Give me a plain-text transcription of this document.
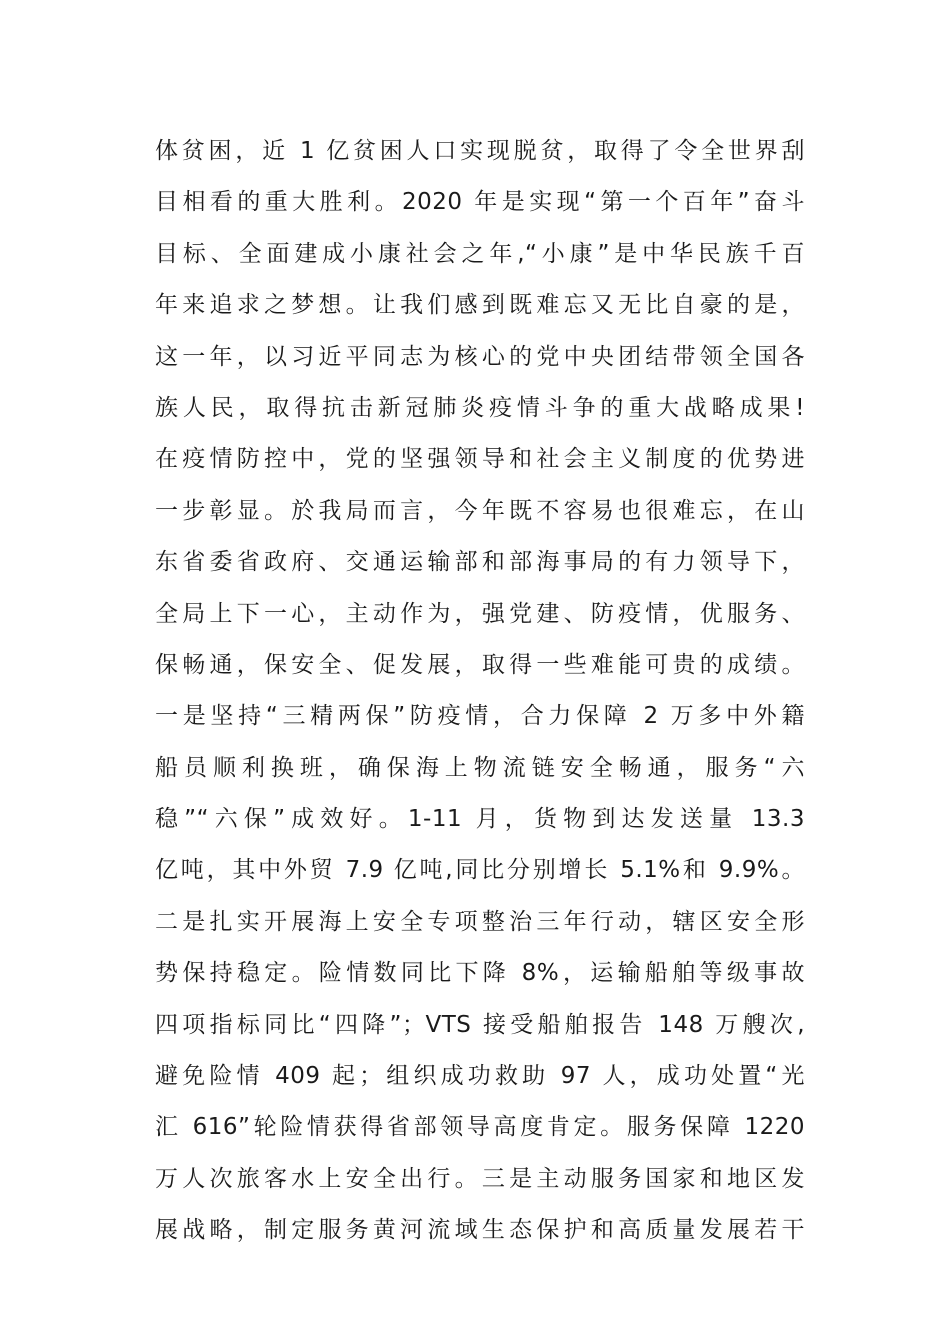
体贫困，近 1 亿贫困人口实现脱贫，取得了令全世界刮
目相看的重大胜利。2020 年是实现“第一个百年”奋斗
目标、全面建成小康社会之年,“小康”是中华民族千百
年来追求之梦想。让我们感到既难忘又无比自豪的是，
这一年，以习近平同志为核心的党中央团结带领全国各
族人民，取得抗击新冠肺炎疫情斗争的重大战略成果!
在疫情防控中，党的坚强领导和社会主义制度的优势进
一步彰显。於我局而言，今年既不容易也很难忘，在山
东省委省政府、交通运输部和部海事局的有力领导下，
全局上下一心，主动作为，强党建、防疫情，优服务、
保畅通，保安全、促发展，取得一些难能可贵的成绩。
一是坚持“三精两保”防疫情，合力保障 2 万多中外籍
船员顺利换班，确保海上物流链安全畅通，服务“六
稳”“六保”成效好。1-11 月，货物到达发送量 13.3
亿吨，其中外贸 7.9 亿吨,同比分别增长 5.1%和 9.9%。
二是扎实开展海上安全专项整治三年行动，辖区安全形
势保持稳定。险情数同比下降 8%，运输船舶等级事故
四项指标同比“四降”；VTS 接受船舶报告 148 万艘次,
避免险情 409 起；组织成功救助 97 人，成功处置“光
汇 616”轮险情获得省部领导高度肯定。服务保障 1220
万人次旅客水上安全出行。三是主动服务国家和地区发
展战略，制定服务黄河流域生态保护和高质量发展若干
